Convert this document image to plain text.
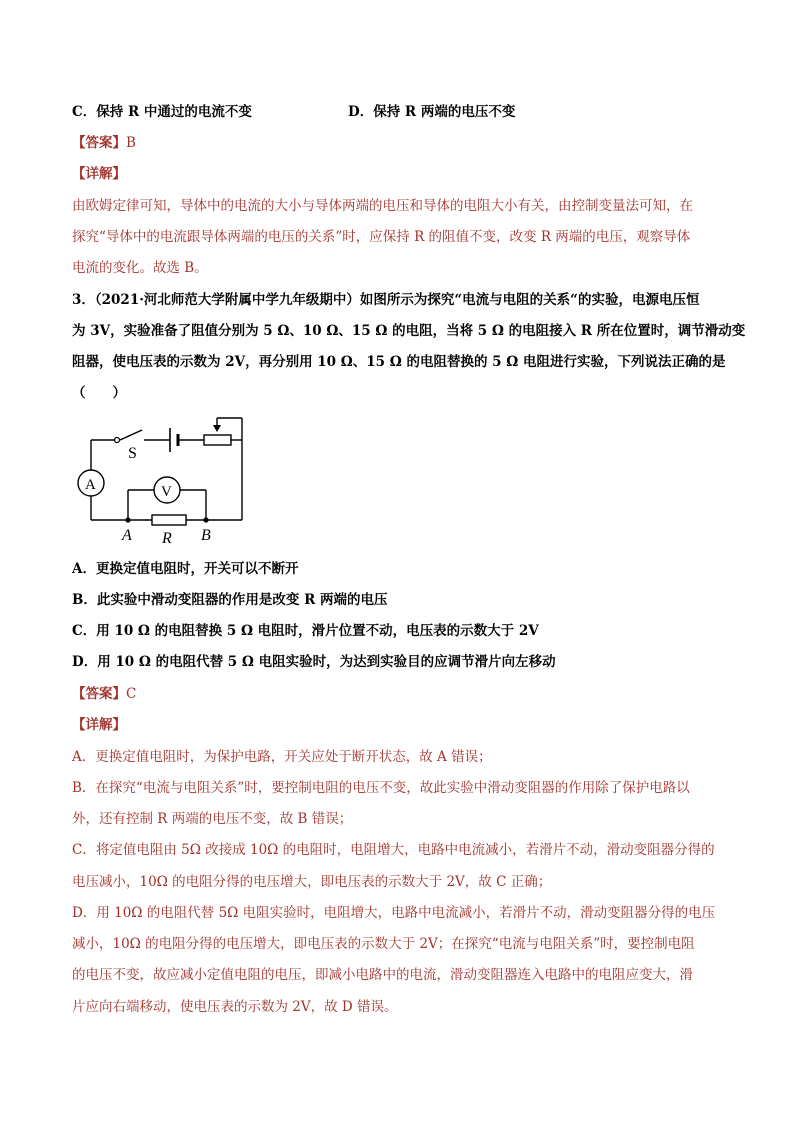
C．保持 R 中通过的电流不变	D．保持 R 两端的电压不变
【答案】B
【详解】
由欧姆定律可知，导体中的电流的大小与导体两端的电压和导体的电阻大小有关，由控制变量法可知，在
探究“导体中的电流跟导体两端的电压的关系”时，应保持 R 的阻值不变，改变 R 两端的电压，观察导体
电流的变化。故选 B。
3．（2021·河北师范大学附属中学九年级期中）如图所示为探究“电流与电阻的关系“的实验，电源电压恒
为 3V，实验准备了阻值分别为 5 Ω、10 Ω、15 Ω 的电阻，当将 5 Ω 的电阻接入 R 所在位置时，调节滑动变
阻器，使电压表的示数为 2V，再分别用 10 Ω、15 Ω 的电阻替换的 5 Ω 电阻进行实验，下列说法正确的是
（　　）
S
A	V
A R B
A．更换定值电阻时，开关可以不断开
B．此实验中滑动变阻器的作用是改变 R 两端的电压
C．用 10 Ω 的电阻替换 5 Ω 电阻时，滑片位置不动，电压表的示数大于 2V
D．用 10 Ω 的电阻代替 5 Ω 电阻实验时，为达到实验目的应调节滑片向左移动
【答案】C
【详解】
A．更换定值电阻时，为保护电路，开关应处于断开状态，故 A 错误；
B．在探究“电流与电阻关系”时，要控制电阻的电压不变，故此实验中滑动变阻器的作用除了保护电路以
外，还有控制 R 两端的电压不变，故 B 错误；
C．将定值电阻由 5Ω 改接成 10Ω 的电阻时，电阻增大，电路中电流减小，若滑片不动，滑动变阻器分得的
电压减小，10Ω 的电阻分得的电压增大，即电压表的示数大于 2V，故 C 正确；
D．用 10Ω 的电阻代替 5Ω 电阻实验时，电阻增大，电路中电流减小，若滑片不动，滑动变阻器分得的电压
减小，10Ω 的电阻分得的电压增大，即电压表的示数大于 2V；在探究“电流与电阻关系”时，要控制电阻
的电压不变，故应减小定值电阻的电压，即减小电路中的电流，滑动变阻器连入电路中的电阻应变大，滑
片应向右端移动，使电压表的示数为 2V，故 D 错误。
